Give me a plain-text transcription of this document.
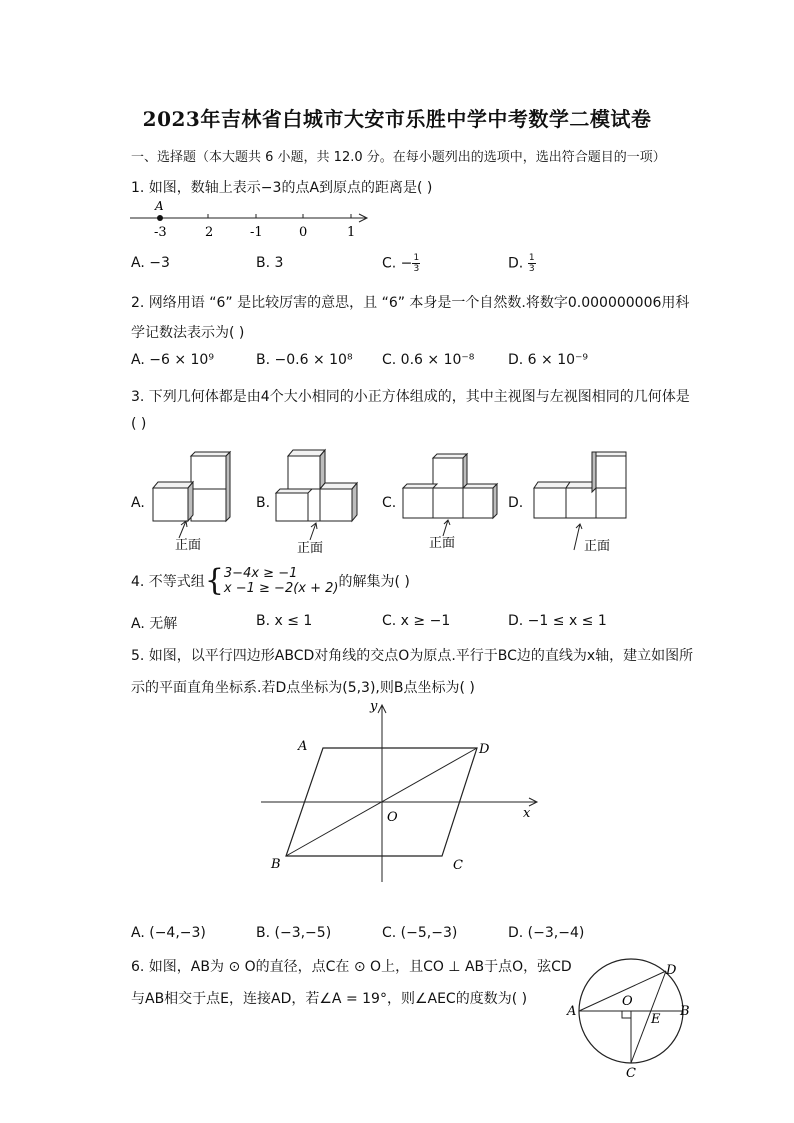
2023年吉林省白城市大安市乐胜中学中考数学二模试卷
一、选择题（本大题共 6 小题，共 12.0 分。在每小题列出的选项中，选出符合题目的一项）
1. 如图，数轴上表示−3的点A到原点的距离是( )
A
-3	2	-1	0	1
A. −3	B. 3	C. − $\frac{1}{3}$	D. $\frac{1}{3}$
2. 网络用语 “6” 是比较厉害的意思，且 “6” 本身是一个自然数.将数字0.000000006用科
学记数法表示为( )
A. −6 × 10⁹	B. −0.6 × 10⁸ C. 0.6 × 10⁻⁸ D. 6 × 10⁻⁹
3. 下列几何体都是由4个大小相同的小正方体组成的，其中主视图与左视图相同的几何体是
( )
A.
正面
B.
正面
C.
正面
D.
正面
4. 不等式组 { 3−4x ≥ −1
x −1 ≥ −2(x + 2) 的解集为( )
A. 无解	B. x ≤ 1	C. x ≥ −1	D. −1 ≤ x ≤ 1
5. 如图，以平行四边形ABCD对角线的交点O为原点.平行于BC边的直线为x轴，建立如图所
示的平面直角坐标系.若D点坐标为(5,3),则B点坐标为( )
A	D
B	C
O	x
y
A. (−4,−3)	B. (−3,−5)	C. (−5,−3)	D. (−3,−4)
6. 如图，AB为 ⊙ O的直径，点C在 ⊙ O上，且CO ⊥ AB于点O，弦CD
与AB相交于点E，连接AD，若∠A = 19°，则∠AEC的度数为( )
A	B
C
D
O
E
